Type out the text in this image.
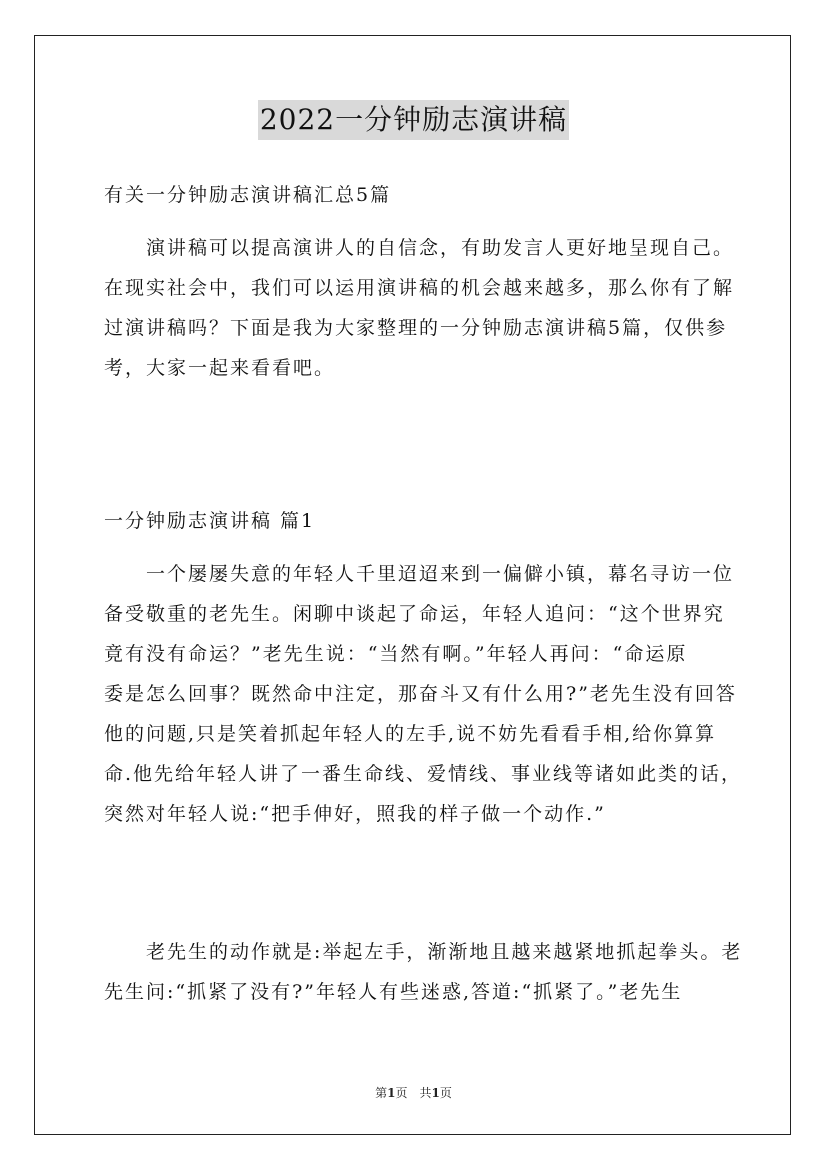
2022一分钟励志演讲稿
有关一分钟励志演讲稿汇总5篇
　　演讲稿可以提高演讲人的自信念，有助发言人更好地呈现自己。
在现实社会中，我们可以运用演讲稿的机会越来越多，那么你有了解
过演讲稿吗？下面是我为大家整理的一分钟励志演讲稿5篇，仅供参
考，大家一起来看看吧。
一分钟励志演讲稿 篇1
　　一个屡屡失意的年轻人千里迢迢来到一偏僻小镇，幕名寻访一位
备受敬重的老先生。闲聊中谈起了命运，年轻人追问：“这个世界究
竟有没有命运？”老先生说：“当然有啊。”年轻人再问：“命运原
委是怎么回事？既然命中注定，那奋斗又有什么用?”老先生没有回答
他的问题,只是笑着抓起年轻人的左手,说不妨先看看手相,给你算算
命.他先给年轻人讲了一番生命线、爱情线、事业线等诸如此类的话，
突然对年轻人说:“把手伸好，照我的样子做一个动作.”
　　老先生的动作就是:举起左手，渐渐地且越来越紧地抓起拳头。老
先生问:“抓紧了没有?”年轻人有些迷惑,答道:“抓紧了。”老先生
第1页　共1页
